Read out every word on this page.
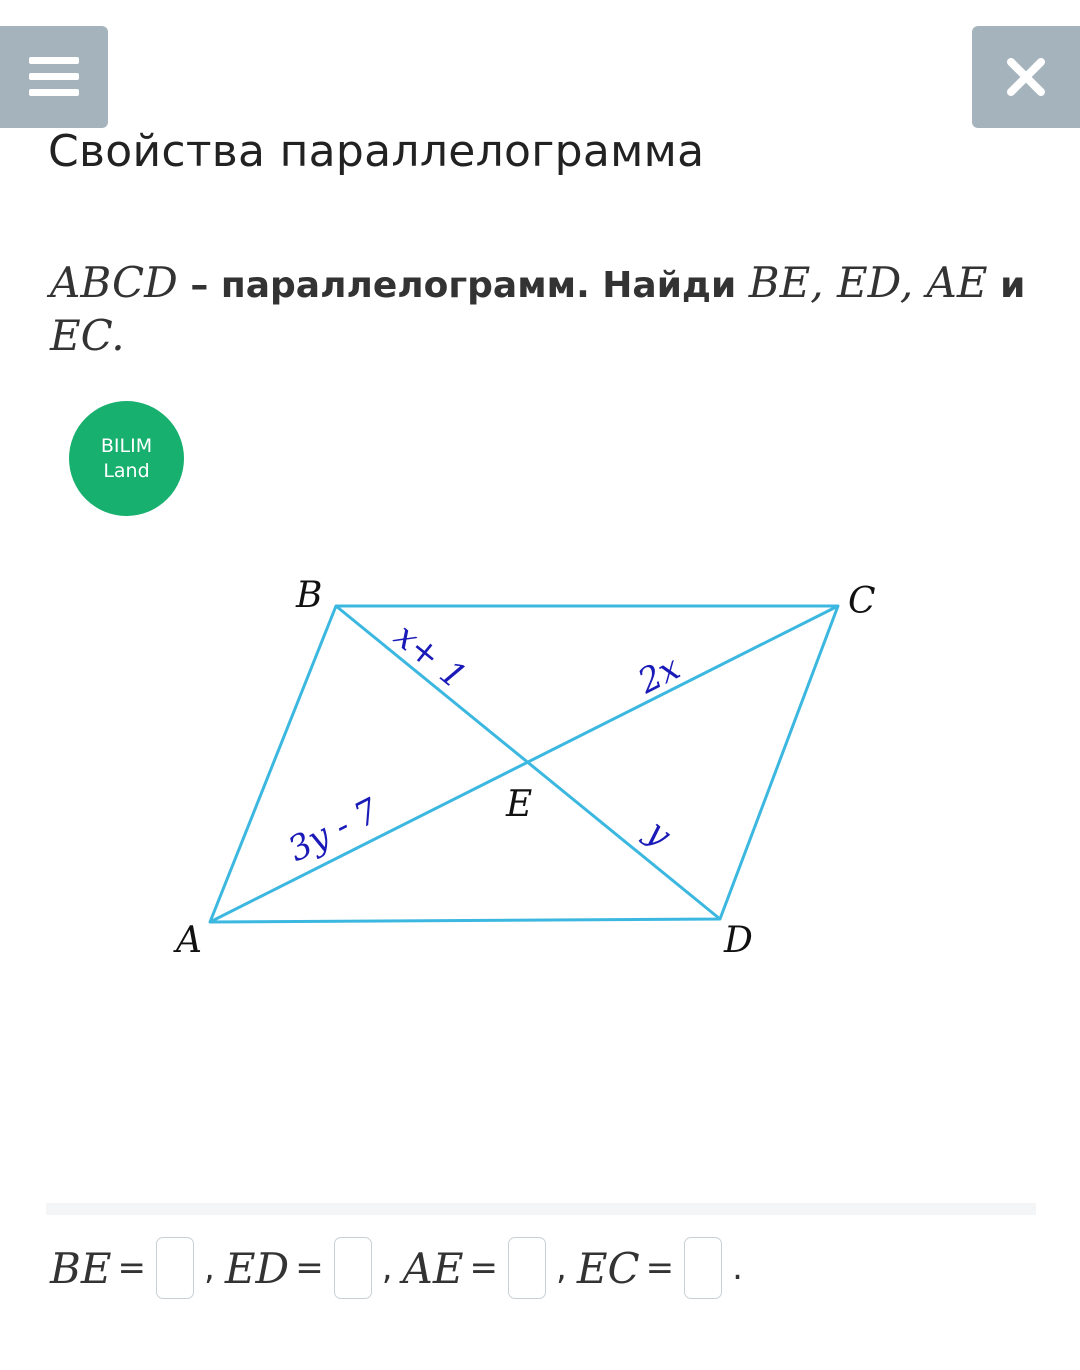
Свойства параллелограмма
ABCD – параллелограмм. Найди BE, ED, AE и
EC.
BILIM
Land
B	C
A	D
E
x+ 1	2x
3y - 7	y
BE = , ED = , AE = , EC = .
